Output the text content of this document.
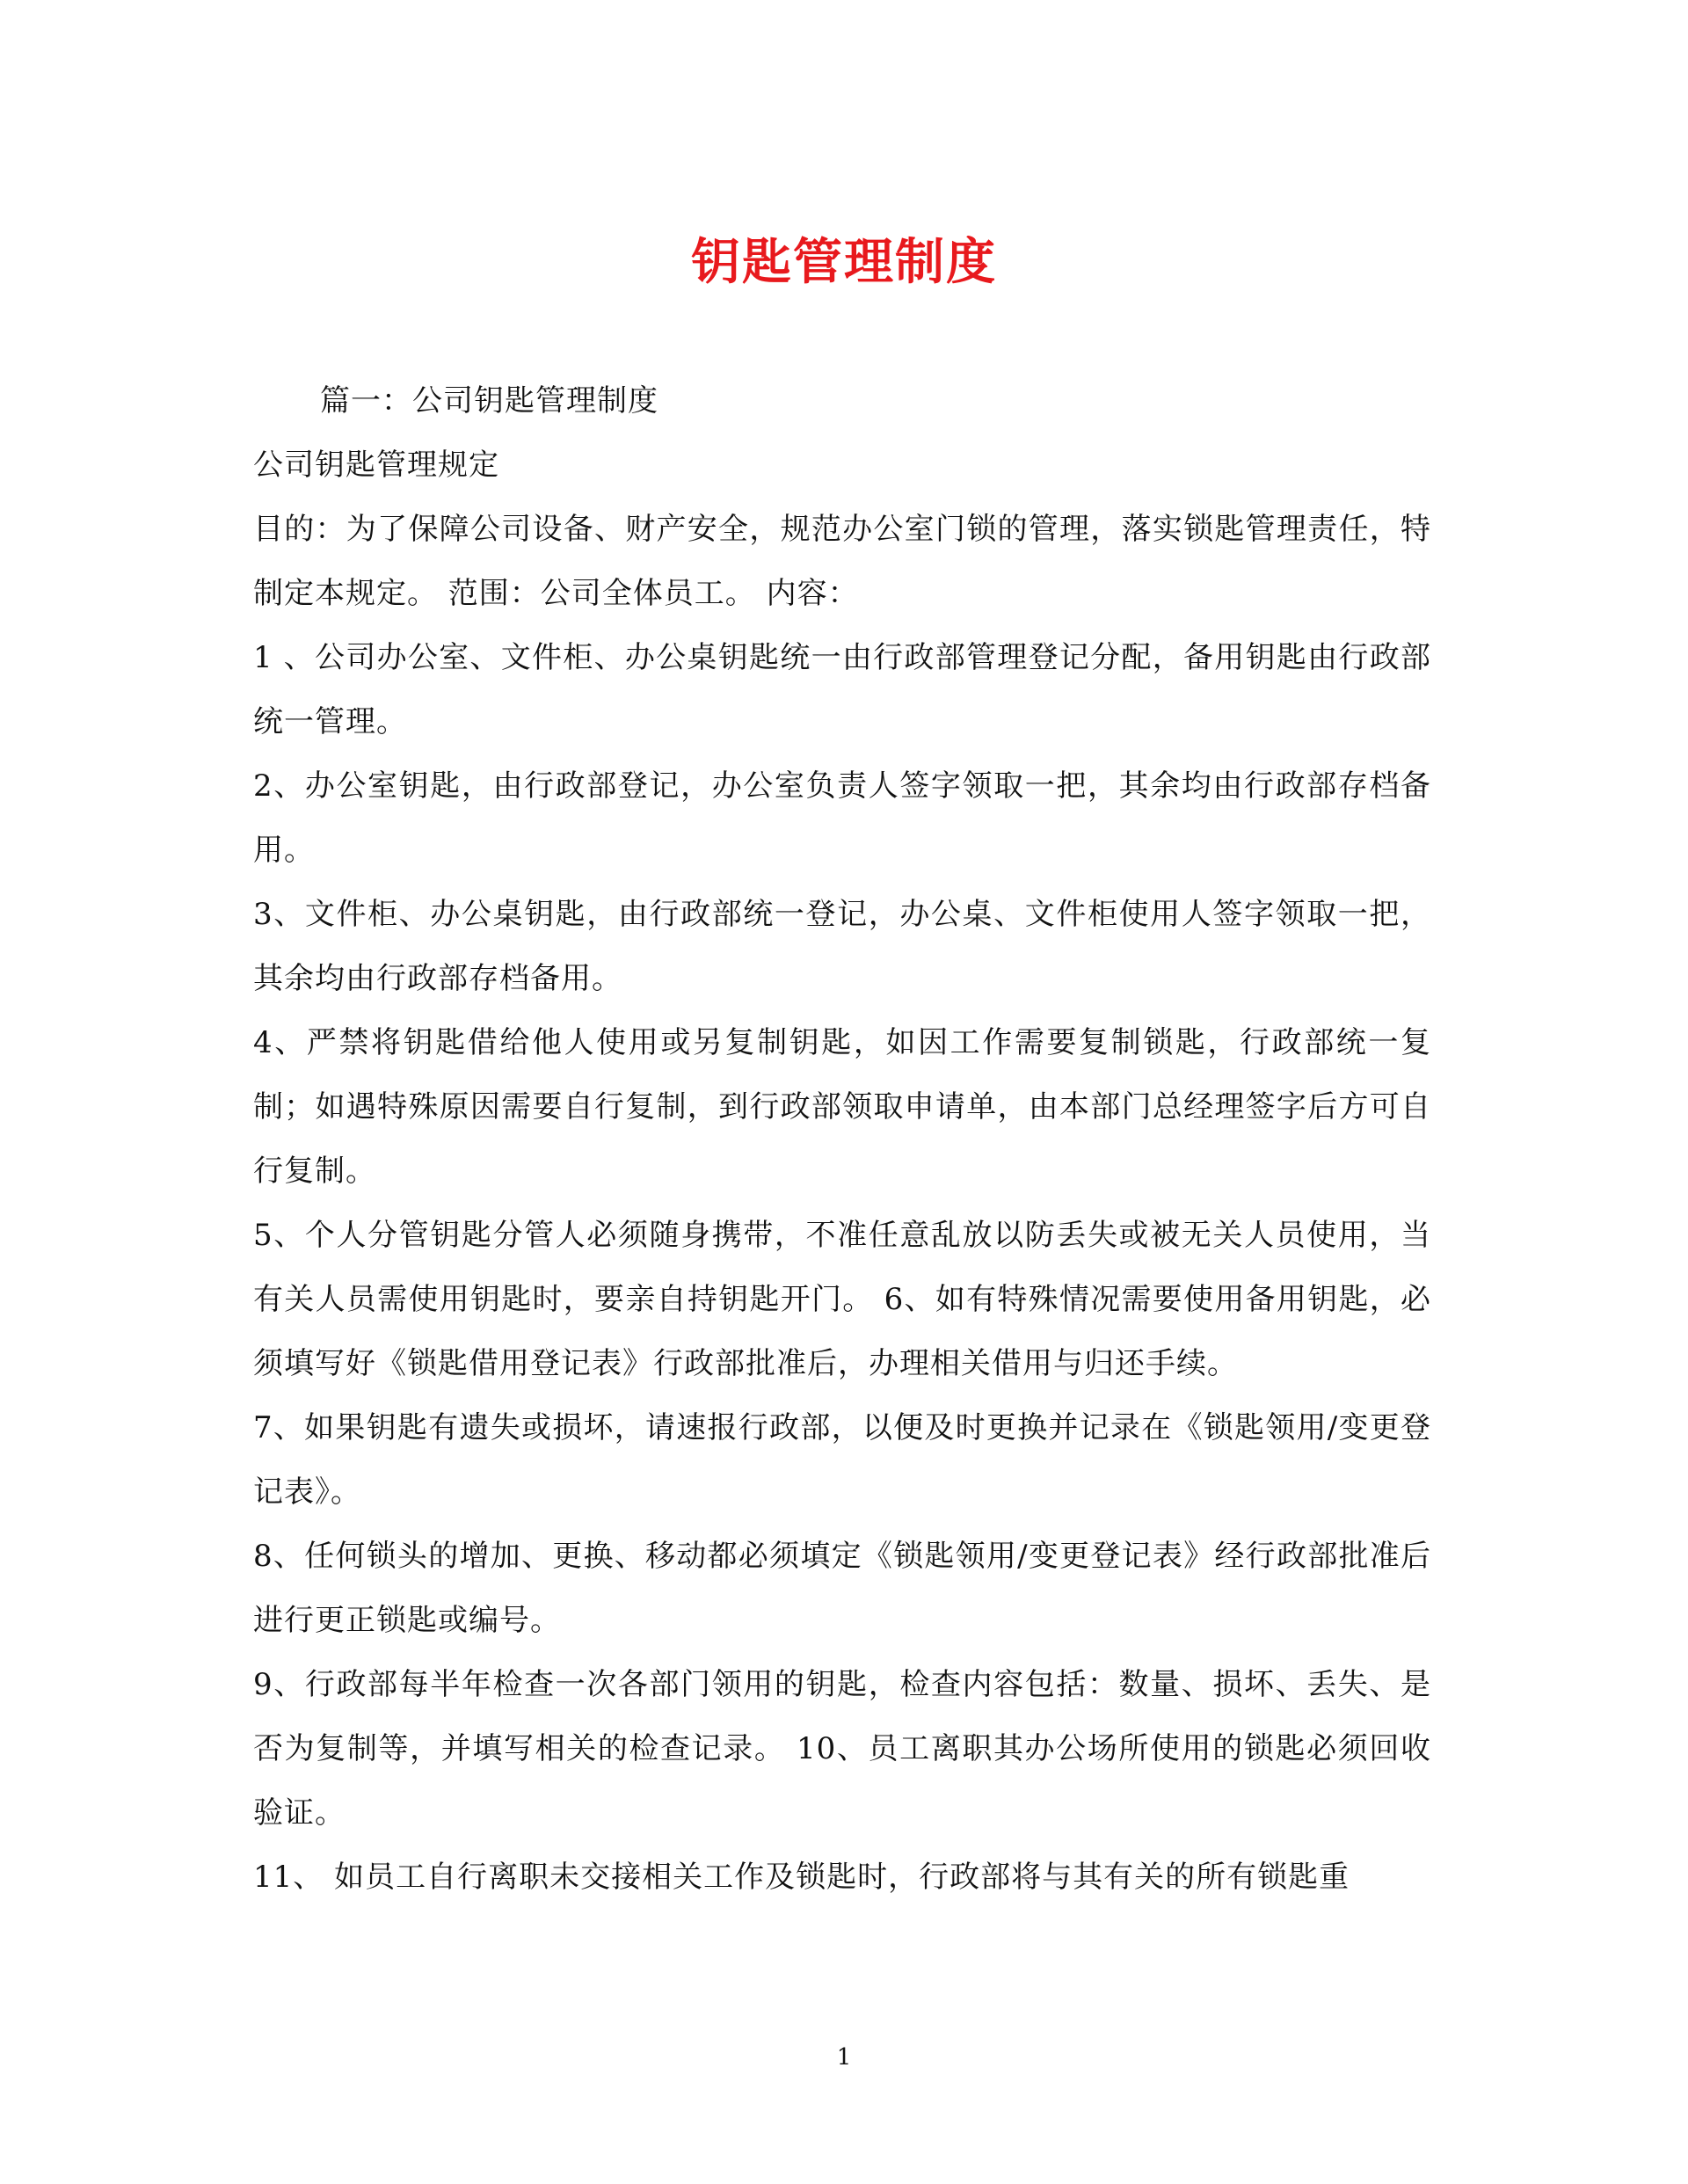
钥匙管理制度

篇一：公司钥匙管理制度

公司钥匙管理规定

目的：为了保障公司设备、财产安全，规范办公室门锁的管理，落实锁匙管理责任，特制定本规定。 范围：公司全体员工。 内容：

1 、公司办公室、文件柜、办公桌钥匙统一由行政部管理登记分配，备用钥匙由行政部统一管理。

2、办公室钥匙，由行政部登记，办公室负责人签字领取一把，其余均由行政部存档备用。

3、文件柜、办公桌钥匙，由行政部统一登记，办公桌、文件柜使用人签字领取一把，其余均由行政部存档备用。

4、严禁将钥匙借给他人使用或另复制钥匙，如因工作需要复制锁匙，行政部统一复制；如遇特殊原因需要自行复制，到行政部领取申请单，由本部门总经理签字后方可自行复制。

5、个人分管钥匙分管人必须随身携带，不准任意乱放以防丢失或被无关人员使用，当有关人员需使用钥匙时，要亲自持钥匙开门。 6、如有特殊情况需要使用备用钥匙，必须填写好《锁匙借用登记表》行政部批准后，办理相关借用与归还手续。

7、如果钥匙有遗失或损坏，请速报行政部，以便及时更换并记录在《锁匙领用/变更登记表》。

8、任何锁头的增加、更换、移动都必须填定《锁匙领用/变更登记表》经行政部批准后进行更正锁匙或编号。

9、行政部每半年检查一次各部门领用的钥匙，检查内容包括：数量、损坏、丢失、是否为复制等，并填写相关的检查记录。 10、员工离职其办公场所使用的锁匙必须回收验证。

11、 如员工自行离职未交接相关工作及锁匙时，行政部将与其有关的所有锁匙重

1
